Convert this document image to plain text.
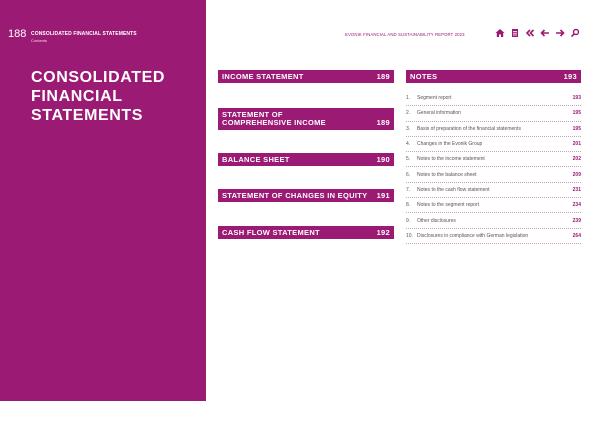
188 CONSOLIDATED FINANCIAL STATEMENTS
Contents
CONSOLIDATED
FINANCIAL
STATEMENTS
EVONIK FINANCIAL AND SUSTAINABILITY REPORT 2023
INCOME STATEMENT	189
STATEMENT OF
COMPREHENSIVE INCOME	189
BALANCE SHEET	190
STATEMENT OF CHANGES IN EQUITY 191
CASH FLOW STATEMENT	192
NOTES	193
1.	Segment report	193
2.	General information	195
3.	Basis of preparation of the financial statements	195
4.	Changes in the Evonik Group	201
5.	Notes to the income statement	202
6.	Notes to the balance sheet	209
7.	Notes to the cash flow statement	231
8.	Notes to the segment report	234
9.	Other disclosures	239
10. Disclosures in compliance with German legislation	264
